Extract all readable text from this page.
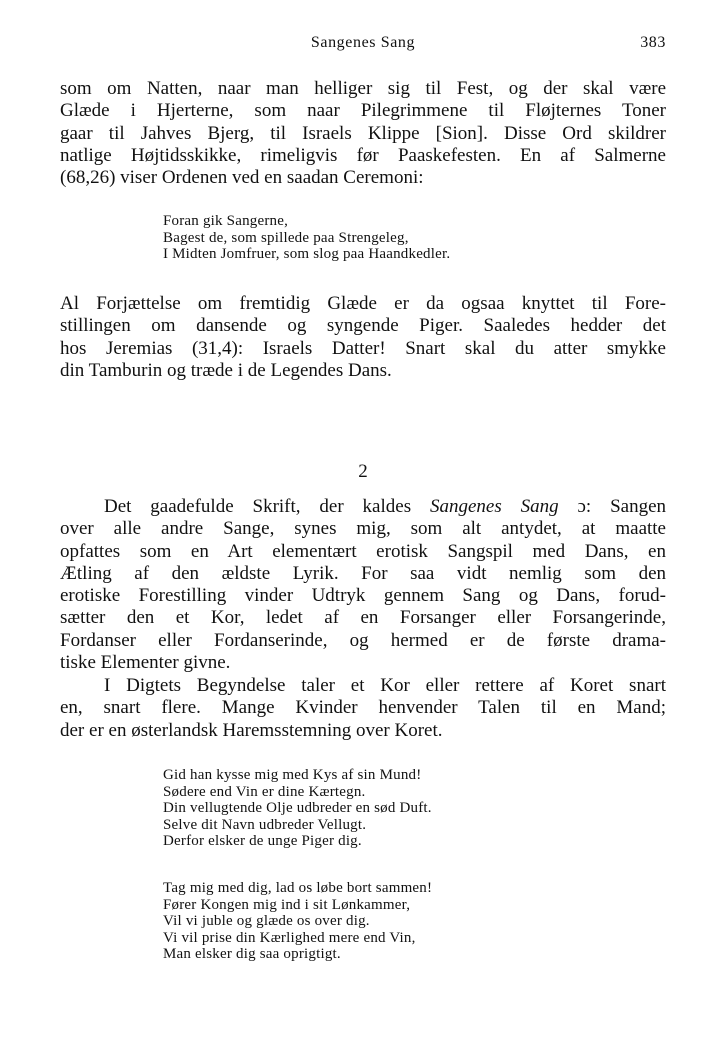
Sangenes Sang	383
som om Natten, naar man helliger sig til Fest, og der skal være
Glæde i Hjerterne, som naar Pilegrimmene til Fløjternes Toner
gaar til Jahves Bjerg, til Israels Klippe [Sion]. Disse Ord skildrer
natlige Højtidsskikke, rimeligvis før Paaskefesten. En af Salmerne
(68,26) viser Ordenen ved en saadan Ceremoni:
Foran gik Sangerne,
Bagest de, som spillede paa Strengeleg,
I Midten Jomfruer, som slog paa Haandkedler.
Al Forjættelse om fremtidig Glæde er da ogsaa knyttet til Fore-
stillingen om dansende og syngende Piger. Saaledes hedder det
hos Jeremias (31,4): Israels Datter! Snart skal du atter smykke
din Tamburin og træde i de Legendes Dans.
2
Det gaadefulde Skrift, der kaldes Sangenes Sang ɔ: Sangen
over alle andre Sange, synes mig, som alt antydet, at maatte
opfattes som en Art elementært erotisk Sangspil med Dans, en
Ætling af den ældste Lyrik. For saa vidt nemlig som den
erotiske Forestilling vinder Udtryk gennem Sang og Dans, forud-
sætter den et Kor, ledet af en Forsanger eller Forsangerinde,
Fordanser eller Fordanserinde, og hermed er de første drama-
tiske Elementer givne.
I Digtets Begyndelse taler et Kor eller rettere af Koret snart
en, snart flere. Mange Kvinder henvender Talen til en Mand;
der er en østerlandsk Haremsstemning over Koret.
Gid han kysse mig med Kys af sin Mund!
Sødere end Vin er dine Kærtegn.
Din vellugtende Olje udbreder en sød Duft.
Selve dit Navn udbreder Vellugt.
Derfor elsker de unge Piger dig.
Tag mig med dig, lad os løbe bort sammen!
Fører Kongen mig ind i sit Lønkammer,
Vil vi juble og glæde os over dig.
Vi vil prise din Kærlighed mere end Vin,
Man elsker dig saa oprigtigt.
